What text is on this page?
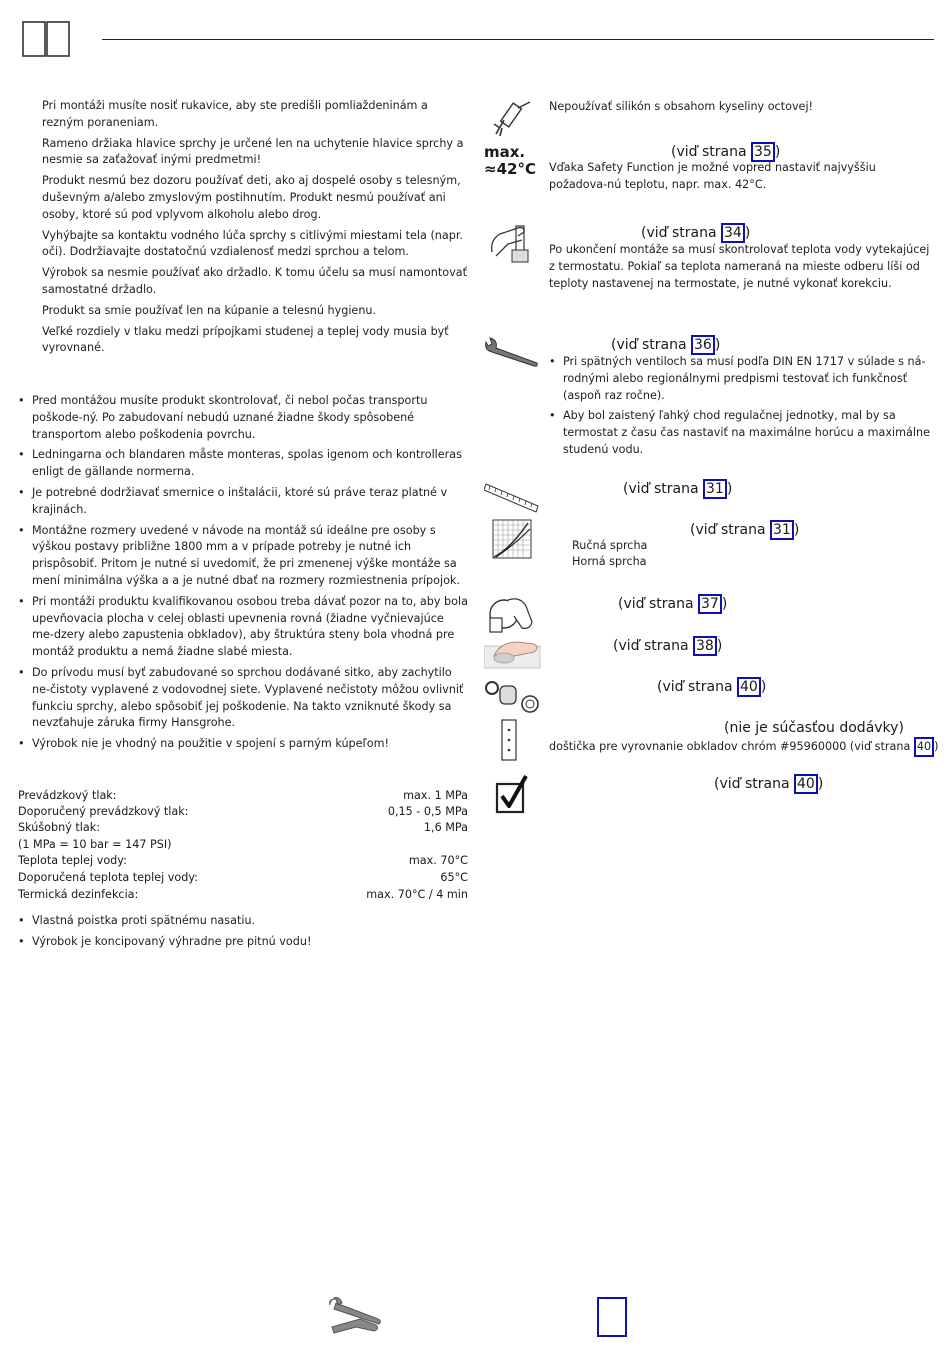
Pri montáži musíte nosiť rukavice, aby ste predišli pomliaždeninám a rezným poraneniam.
Rameno držiaka hlavice sprchy je určené len na uchytenie hlavice sprchy a nesmie sa zaťažovať inými predmetmi!
Produkt nesmú bez dozoru používať deti, ako aj dospelé osoby s telesným, duševným a/alebo zmyslovým postihnutím. Produkt nesmú používať ani osoby, ktoré sú pod vplyvom alkoholu alebo drog.
Vyhýbajte sa kontaktu vodného lúča sprchy s citlivými miestami tela (napr. oči). Dodržiavajte dostatočnú vzdialenosť medzi sprchou a telom.
Výrobok sa nesmie používať ako držadlo. K tomu účelu sa musí namontovať samostatné držadlo.
Produkt sa smie používať len na kúpanie a telesnú hygienu.
Veľké rozdiely v tlaku medzi prípojkami studenej a teplej vody musia byť vyrovnané.
• Pred montážou musíte produkt skontrolovať, či nebol počas transportu poškode-ný. Po zabudovaní nebudú uznané žiadne škody spôsobené transportom alebo poškodenia povrchu.
• Ledningarna och blandaren måste monteras, spolas igenom och kontrolleras enligt de gällande normerna.
• Je potrebné dodržiavať smernice o inštalácii, ktoré sú práve teraz platné v krajinách.
• Montážne rozmery uvedené v návode na montáž sú ideálne pre osoby s výškou postavy približne 1800 mm a v prípade potreby je nutné ich prispôsobiť. Pritom je nutné si uvedomiť, že pri zmenenej výške montáže sa mení minimálna výška a a je nutné dbať na rozmery rozmiestnenia prípojok.
• Pri montáži produktu kvalifikovanou osobou treba dávať pozor na to, aby bola upevňovacia plocha v celej oblasti upevnenia rovná (žiadne vyčnievajúce me-dzery alebo zapustenia obkladov), aby štruktúra steny bola vhodná pre montáž produktu a nemá žiadne slabé miesta.
• Do prívodu musí byť zabudované so sprchou dodávané sitko, aby zachytilo ne-čistoty vyplavené z vodovodnej siete. Vyplavené nečistoty môžou ovlivniť funkciu sprchy, alebo spôsobiť jej poškodenie. Na takto vzniknuté škody sa nevzťahuje záruka firmy Hansgrohe.
• Výrobok nie je vhodný na použitie v spojení s parným kúpeľom!
Prevádzkový tlak:	max. 1 MPa
Doporučený prevádzkový tlak:	0,15 - 0,5 MPa
Skúšobný tlak:	1,6 MPa
(1 MPa = 10 bar = 147 PSI)
Teplota teplej vody:	max. 70°C
Doporučená teplota teplej vody:	65°C
Termická dezinfekcia:	max. 70°C / 4 min
• Vlastná poistka proti spätnému nasatiu.
• Výrobok je koncipovaný výhradne pre pitnú vodu!
Nepoužívať silikón s obsahom kyseliny octovej!
max.
≈42°C
(viď strana 35 )
Vďaka Safety Function je možné vopred nastaviť najvyššiu požadova-nú teplotu, napr. max. 42°C.
(viď strana 34 )
Po ukončení montáže sa musí skontrolovať teplota vody vytekajúcej z termostatu. Pokiaľ sa teplota nameraná na mieste odberu líši od teploty nastavenej na termostate, je nutné vykonať korekciu.
(viď strana 36 )
• Pri spätných ventiloch sa musí podľa DIN EN 1717 v súlade s ná-rodnými alebo regionálnymi predpismi testovať ich funkčnosť (aspoň raz ročne).
• Aby bol zaistený ľahký chod regulačnej jednotky, mal by sa termostat z času čas nastaviť na maximálne horúcu a maximálne studenú vodu.
(viď strana 31 )
(viď strana 31 )
Ručná sprcha
Horná sprcha
(viď strana 37 )
(viď strana 38 )
(viď strana 40 )
(nie je súčasťou dodávky)
doštička pre vyrovnanie obkladov chróm #95960000 (viď strana 40 )
(viď strana 40 )
